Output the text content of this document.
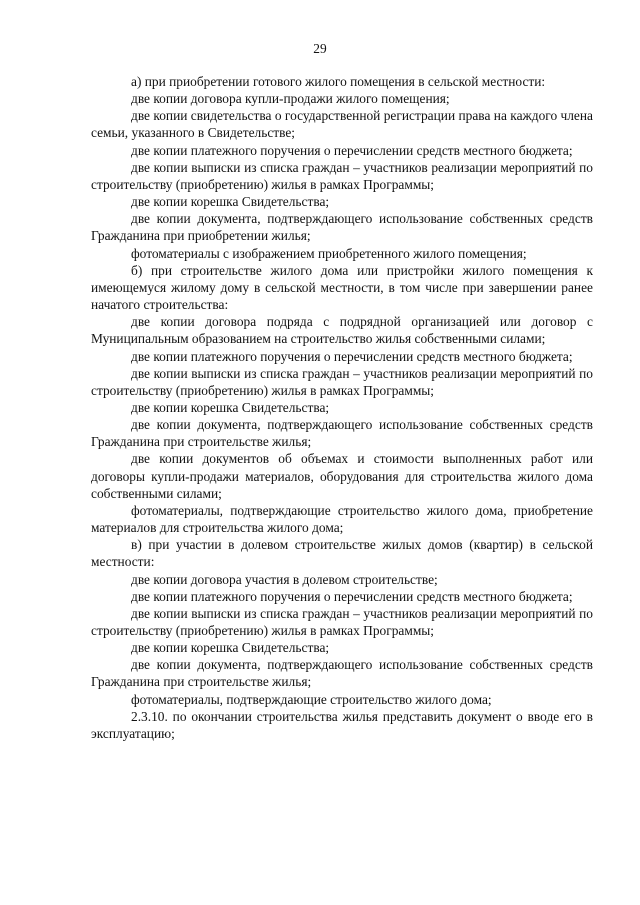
29

а) при приобретении готового жилого помещения в сельской местности:

две копии договора купли-продажи жилого помещения;

две копии свидетельства о государственной регистрации права на каждого члена семьи, указанного в Свидетельстве;

две копии платежного поручения о перечислении средств местного бюджета;

две копии выписки из списка граждан – участников реализации мероприятий по строительству (приобретению) жилья в рамках Программы;

две копии корешка Свидетельства;

две копии документа, подтверждающего использование собственных средств Гражданина при приобретении жилья;

фотоматериалы с изображением приобретенного жилого помещения;

б) при строительстве жилого дома или пристройки жилого помещения к имеющемуся жилому дому в сельской местности, в том числе при завершении ранее начатого строительства:

две копии договора подряда с подрядной организацией или договор с Муниципальным образованием на строительство жилья собственными силами;

две копии платежного поручения о перечислении средств местного бюджета;

две копии выписки из списка граждан – участников реализации мероприятий по строительству (приобретению) жилья в рамках Программы;

две копии корешка Свидетельства;

две копии документа, подтверждающего использование собственных средств Гражданина при строительстве жилья;

две копии документов об объемах и стоимости выполненных работ или договоры купли-продажи материалов, оборудования для строительства жилого дома собственными силами;

фотоматериалы, подтверждающие строительство жилого дома, приобретение материалов для строительства жилого дома;

в) при участии в долевом строительстве жилых домов (квартир) в сельской местности:

две копии договора участия в долевом строительстве;

две копии платежного поручения о перечислении средств местного бюджета;

две копии выписки из списка граждан – участников реализации мероприятий по строительству (приобретению) жилья в рамках Программы;

две копии корешка Свидетельства;

две копии документа, подтверждающего использование собственных средств Гражданина при строительстве жилья;

фотоматериалы, подтверждающие строительство жилого дома;

2.3.10. по окончании строительства жилья представить документ о вводе его в эксплуатацию;
